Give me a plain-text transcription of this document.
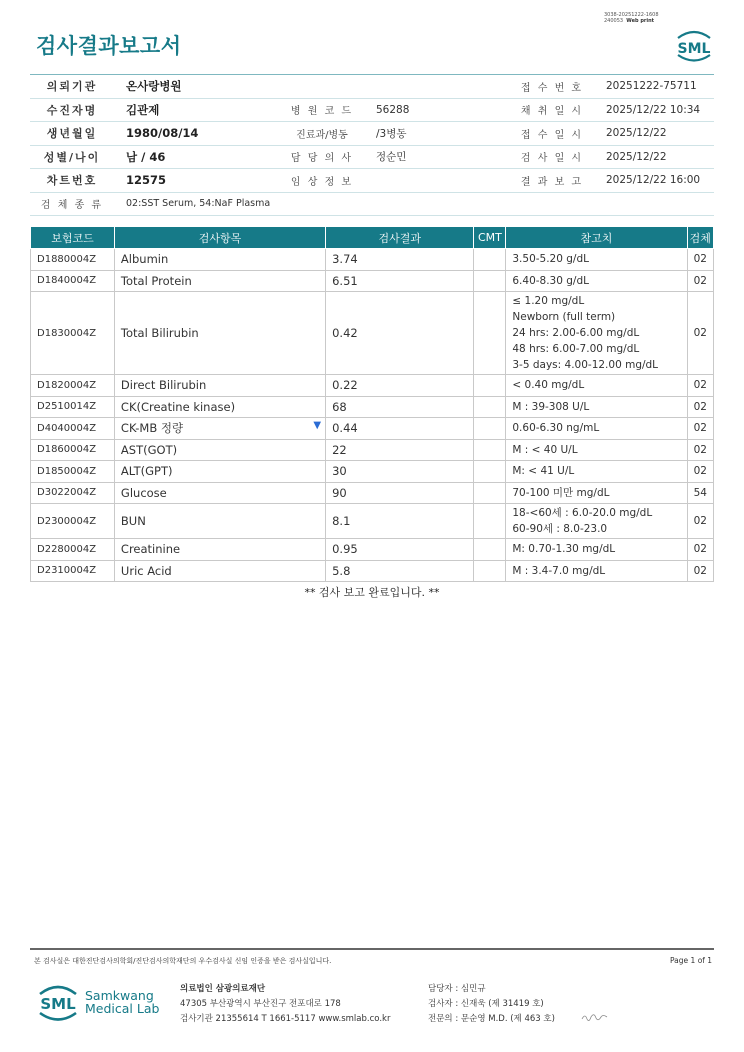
3038-20251222-1608
240053 Web print
검사결과보고서	SML
의뢰기관	온사랑병원	접 수 번 호	20251222-75711
수진자명	김관제	병 원 코 드	56288	채 취 일 시	2025/12/22 10:34
생년월일	1980/08/14	진료과/병동	/3병동	접 수 일 시	2025/12/22
성별/나이	남 / 46	담 당 의 사	정순민	검 사 일 시	2025/12/22
차트번호	12575	임 상 정 보	결 과 보 고	2025/12/22 16:00
검 체 종 류	02:SST Serum, 54:NaF Plasma
보험코드	검사항목	검사결과	CMT	참고치	검체
D1880004Z	Albumin	3.74		3.50-5.20 g/dL	02
D1840004Z	Total Protein	6.51		6.40-8.30 g/dL	02
D1830004Z	Total Bilirubin	0.42		≤ 1.20 mg/dL
Newborn (full term)
24 hrs: 2.00-6.00 mg/dL
48 hrs: 6.00-7.00 mg/dL
3-5 days: 4.00-12.00 mg/dL	02
D1820004Z	Direct Bilirubin	0.22		< 0.40 mg/dL	02
D2510014Z	CK(Creatine kinase)	68		M : 39-308 U/L	02
D4040004Z	CK-MB 정량 ▼	0.44		0.60-6.30 ng/mL	02
D1860004Z	AST(GOT)	22		M : < 40 U/L	02
D1850004Z	ALT(GPT)	30		M: < 41 U/L	02
D3022004Z	Glucose	90		70-100 미만 mg/dL	54
D2300004Z	BUN	8.1		18-<60세 : 6.0-20.0 mg/dL
60-90세 : 8.0-23.0	02
D2280004Z	Creatinine	0.95		M: 0.70-1.30 mg/dL	02
D2310004Z	Uric Acid	5.8		M : 3.4-7.0 mg/dL	02
** 검사 보고 완료입니다. **
본 검사실은 대한진단검사의학회/진단검사의학재단의 우수검사실 신임 인증을 받은 검사실입니다.	Page 1 of 1
SML Samkwang
Medical Lab
의료법인 삼광의료재단
47305 부산광역시 부산진구 전포대로 178
검사기관 21355614 T 1661-5117 www.smlab.co.kr
담당자 : 심민규
검사자 : 신재욱 (제 31419 호)
전문의 : 문순영 M.D. (제 463 호)
